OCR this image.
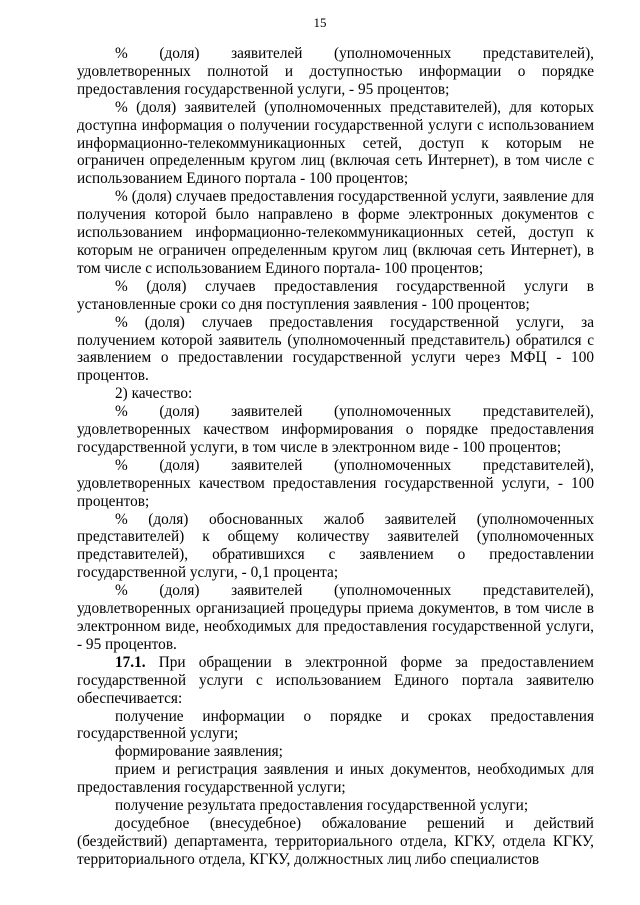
15

% (доля) заявителей (уполномоченных представителей), удовлетворенных полнотой и доступностью информации о порядке предоставления государственной услуги, - 95 процентов;

% (доля) заявителей (уполномоченных представителей), для которых доступна информация о получении государственной услуги с использованием информационно-телекоммуникационных сетей, доступ к которым не ограничен определенным кругом лиц (включая сеть Интернет), в том числе с использованием Единого портала - 100 процентов;

% (доля) случаев предоставления государственной услуги, заявление для получения которой было направлено в форме электронных документов с использованием информационно-телекоммуникационных сетей, доступ к которым не ограничен определенным кругом лиц (включая сеть Интернет), в том числе с использованием Единого портала- 100 процентов;

% (доля) случаев предоставления государственной услуги в установленные сроки со дня поступления заявления - 100 процентов;

% (доля) случаев предоставления государственной услуги, за получением которой заявитель (уполномоченный представитель) обратился с заявлением о предоставлении государственной услуги через МФЦ - 100 процентов.

2) качество:

% (доля) заявителей (уполномоченных представителей), удовлетворенных качеством информирования о порядке предоставления государственной услуги, в том числе в электронном виде - 100 процентов;

% (доля) заявителей (уполномоченных представителей), удовлетворенных качеством предоставления государственной услуги, - 100 процентов;

% (доля) обоснованных жалоб заявителей (уполномоченных представителей) к общему количеству заявителей (уполномоченных представителей), обратившихся с заявлением о предоставлении государственной услуги, - 0,1 процента;

% (доля) заявителей (уполномоченных представителей), удовлетворенных организацией процедуры приема документов, в том числе в электронном виде, необходимых для предоставления государственной услуги, - 95 процентов.

17.1. При обращении в электронной форме за предоставлением государственной услуги с использованием Единого портала заявителю обеспечивается:

получение информации о порядке и сроках предоставления государственной услуги;

формирование заявления;

прием и регистрация заявления и иных документов, необходимых для предоставления государственной услуги;

получение результата предоставления государственной услуги;

досудебное (внесудебное) обжалование решений и действий (бездействий) департамента, территориального отдела, КГКУ, отдела КГКУ, территориального отдела, КГКУ, должностных лиц либо специалистов
